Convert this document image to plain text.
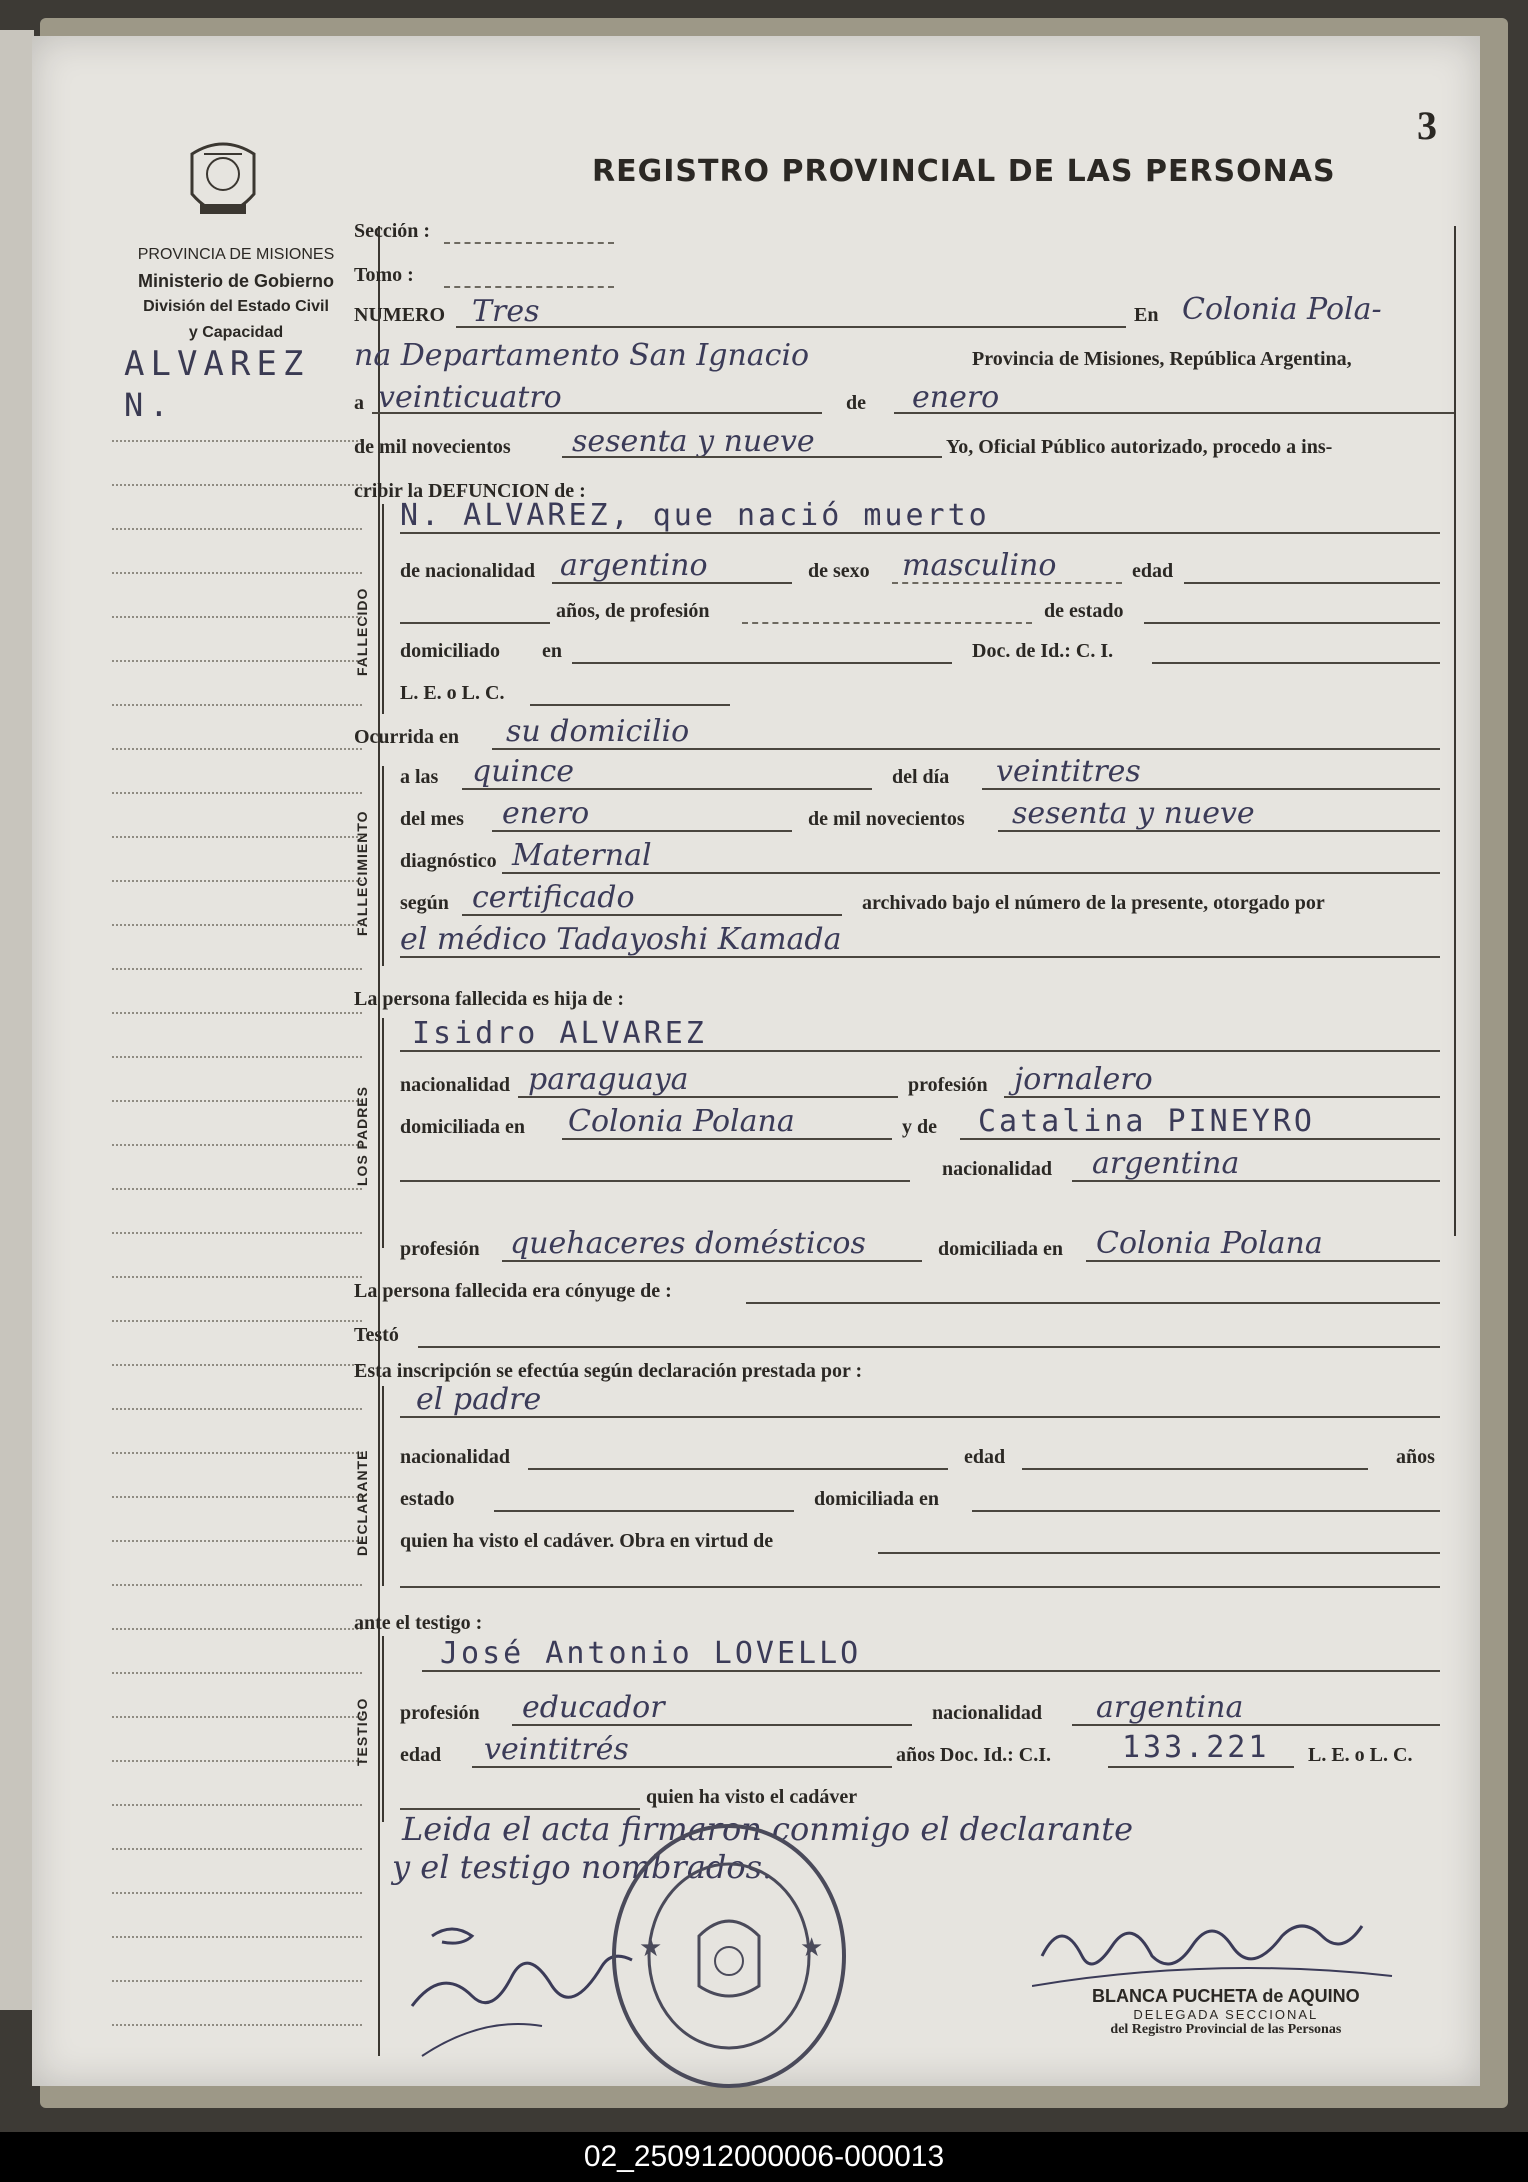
3
REGISTRO PROVINCIAL DE LAS PERSONAS
PROVINCIA DE MISIONES
Ministerio de Gobierno
División del Estado Civil
y Capacidad
ALVAREZ
N.
Sección :
Tomo :
NUMERO Tres	En Colonia Pola-
na Departamento San Ignacio	Provincia de Misiones, República Argentina,
a veinticuatro	de enero
de mil novecientos sesenta y nueve	Yo, Oficial Público autorizado, procedo a ins-
cribir la DEFUNCION de :
FALLECIDO
N. ALVAREZ, que nació muerto
de nacionalidad argentino	de sexo masculino	edad
años, de profesión	de estado
domiciliado en	Doc. de Id.: C. I.
L. E. o L. C.
Ocurrida en su domicilio
FALLECIMIENTO
a las quince	del día veintitres
del mes enero	de mil novecientos sesenta y nueve
diagnóstico Maternal
según certificado	archivado bajo el número de la presente, otorgado por
el médico Tadayoshi Kamada
La persona fallecida es hija de :
LOS PADRES
Isidro ALVAREZ
nacionalidad paraguaya	profesión jornalero
domiciliada en Colonia Polana	y de Catalina PINEYRO
nacionalidad argentina
profesión quehaceres domésticos	domiciliada en Colonia Polana
La persona fallecida era cónyuge de :
Testó
Esta inscripción se efectúa según declaración prestada por :
DECLARANTE
el padre
nacionalidad	edad	años
estado	domiciliada en
quien ha visto el cadáver. Obra en virtud de
ante el testigo :
TESTIGO
José Antonio LOVELLO
profesión educador	nacionalidad argentina
edad veintitrés	años Doc. Id.: C.I. 133.221 L. E. o L. C.
quien ha visto el cadáver
Leida el acta firmaron conmigo el declarante
y el testigo nombrados.
★	★
BLANCA PUCHETA de AQUINO
DELEGADA SECCIONAL
del Registro Provincial de las Personas
02_250912000006-000013
